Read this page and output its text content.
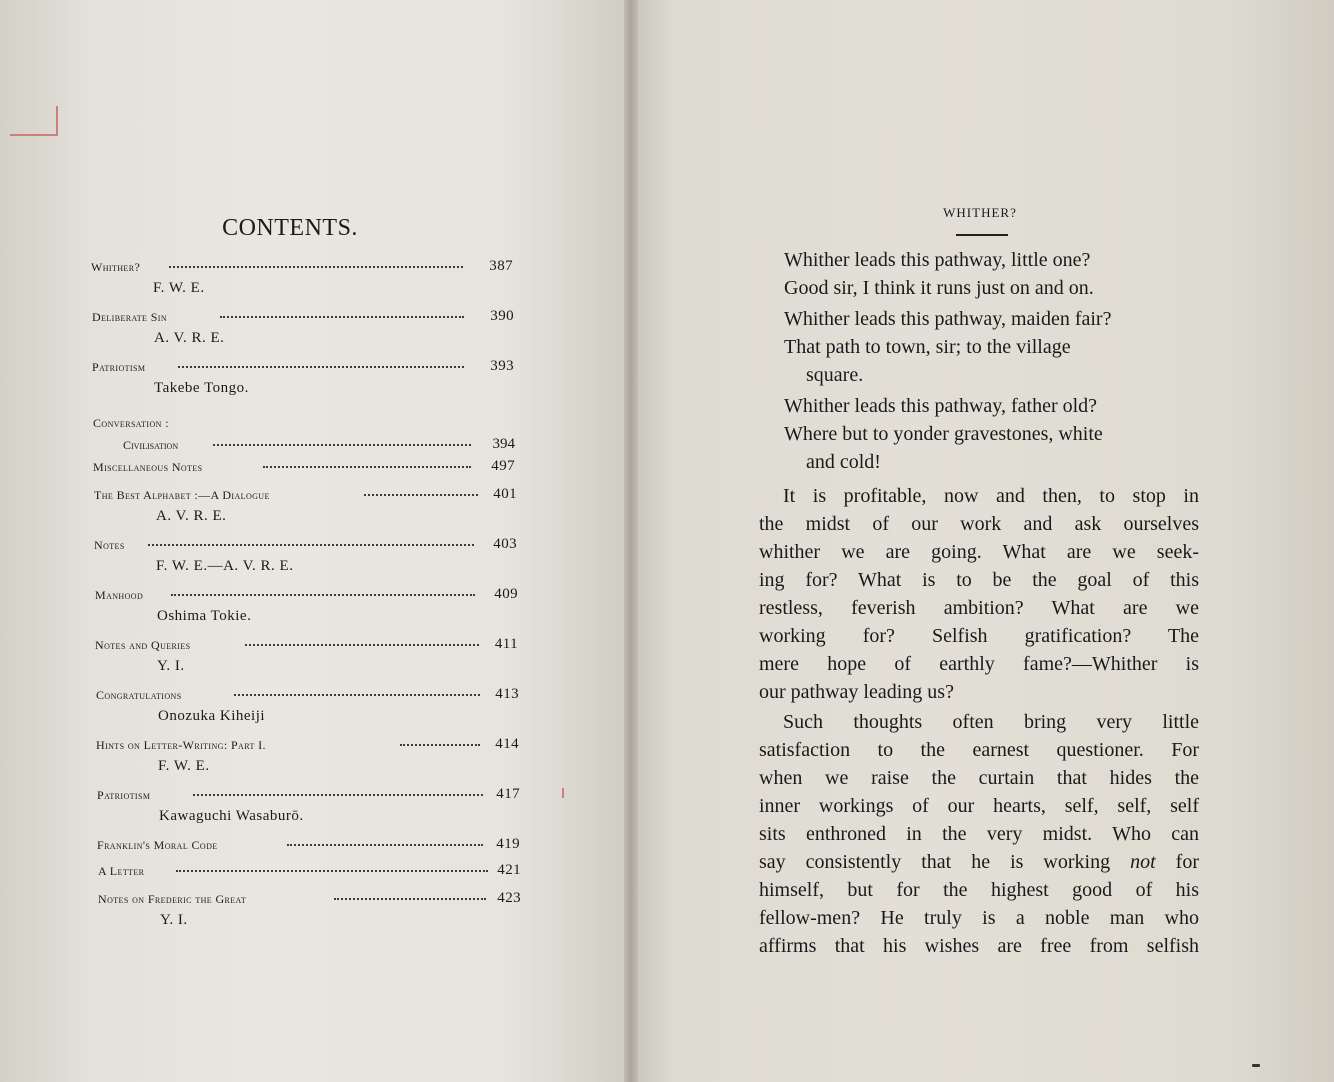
CONTENTS.
Whither?	387
F. W. E.
Deliberate Sin	390
A. V. R. E.
Patriotism	393
Takebe Tongo.
Conversation :
Civilisation	394
Miscellaneous Notes	497
The Best Alphabet :—A Dialogue	401
A. V. R. E.
Notes	403
F. W. E.—A. V. R. E.
Manhood	409
Oshima Tokie.
Notes and Queries	411
Y. I.
Congratulations	413
Onozuka Kiheiji
Hints on Letter-Writing: Part I.	414
F. W. E.
Patriotism	417
Kawaguchi Wasaburō.
Franklin's Moral Code	419
A Letter	421
Notes on Frederic the Great	423
Y. I.
WHITHER?
Whither leads this pathway, little one?
Good sir, I think it runs just on and on.
Whither leads this pathway, maiden fair?
That path to town, sir; to the village
square.
Whither leads this pathway, father old?
Where but to yonder gravestones, white
and cold!
It is profitable, now and then, to stop in
the midst of our work and ask ourselves
whither we are going. What are we seek-
ing for? What is to be the goal of this
restless, feverish ambition? What are we
working for? Selfish gratification? The
mere hope of earthly fame?—Whither is
our pathway leading us?
Such thoughts often bring very little
satisfaction to the earnest questioner. For
when we raise the curtain that hides the
inner workings of our hearts, self, self, self
sits enthroned in the very midst. Who can
say consistently that he is working not for
himself, but for the highest good of his
fellow-men? He truly is a noble man who
affirms that his wishes are free from selfish
